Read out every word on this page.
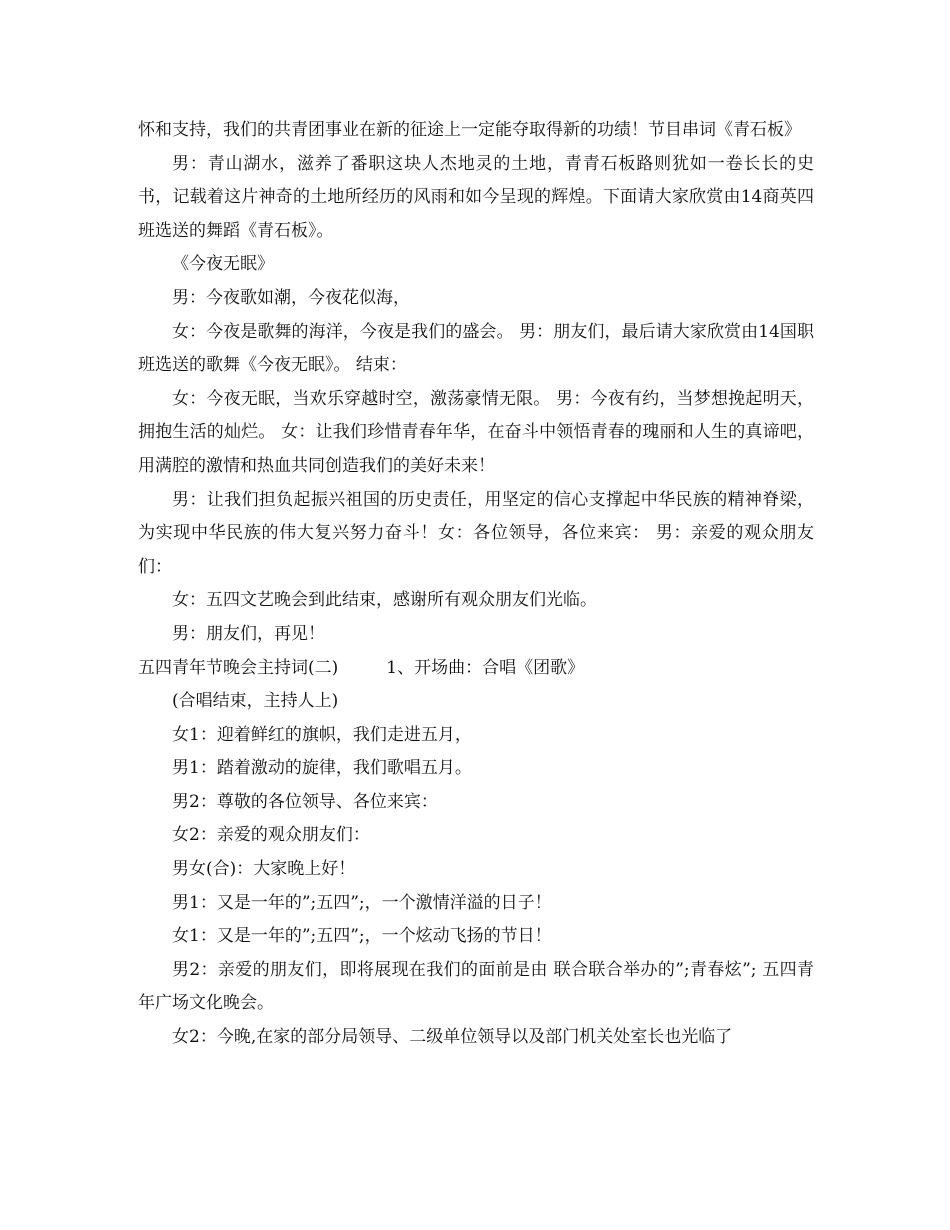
怀和支持，我们的共青团事业在新的征途上一定能夺取得新的功绩！节目串词《青石板》

男：青山湖水，滋养了番职这块人杰地灵的土地，青青石板路则犹如一卷长长的史书，记载着这片神奇的土地所经历的风雨和如今呈现的辉煌。下面请大家欣赏由14商英四班选送的舞蹈《青石板》。

《今夜无眠》

男：今夜歌如潮，今夜花似海，

女：今夜是歌舞的海洋，今夜是我们的盛会。 男：朋友们，最后请大家欣赏由14国职班选送的歌舞《今夜无眠》。 结束：

女：今夜无眠，当欢乐穿越时空，激荡豪情无限。 男：今夜有约，当梦想挽起明天，拥抱生活的灿烂。 女：让我们珍惜青春年华，在奋斗中领悟青春的瑰丽和人生的真谛吧，用满腔的激情和热血共同创造我们的美好未来！

男：让我们担负起振兴祖国的历史责任，用坚定的信心支撑起中华民族的精神脊梁，为实现中华民族的伟大复兴努力奋斗！女：各位领导，各位来宾： 男：亲爱的观众朋友们：

女：五四文艺晚会到此结束，感谢所有观众朋友们光临。

男：朋友们，再见！

五四青年节晚会主持词(二)	1、开场曲：合唱《团歌》

(合唱结束，主持人上)

女1：迎着鲜红的旗帜，我们走进五月，

男1：踏着激动的旋律，我们歌唱五月。

男2：尊敬的各位领导、各位来宾：

女2：亲爱的观众朋友们：

男女(合)：大家晚上好！

男1：又是一年的”;五四”;，一个激情洋溢的日子！

女1：又是一年的”;五四”;，一个炫动飞扬的节日！

男2：亲爱的朋友们，即将展现在我们的面前是由 联合联合举办的”;青春炫”; 五四青年广场文化晚会。

女2：今晚,在家的部分局领导、二级单位领导以及部门机关处室长也光临了
